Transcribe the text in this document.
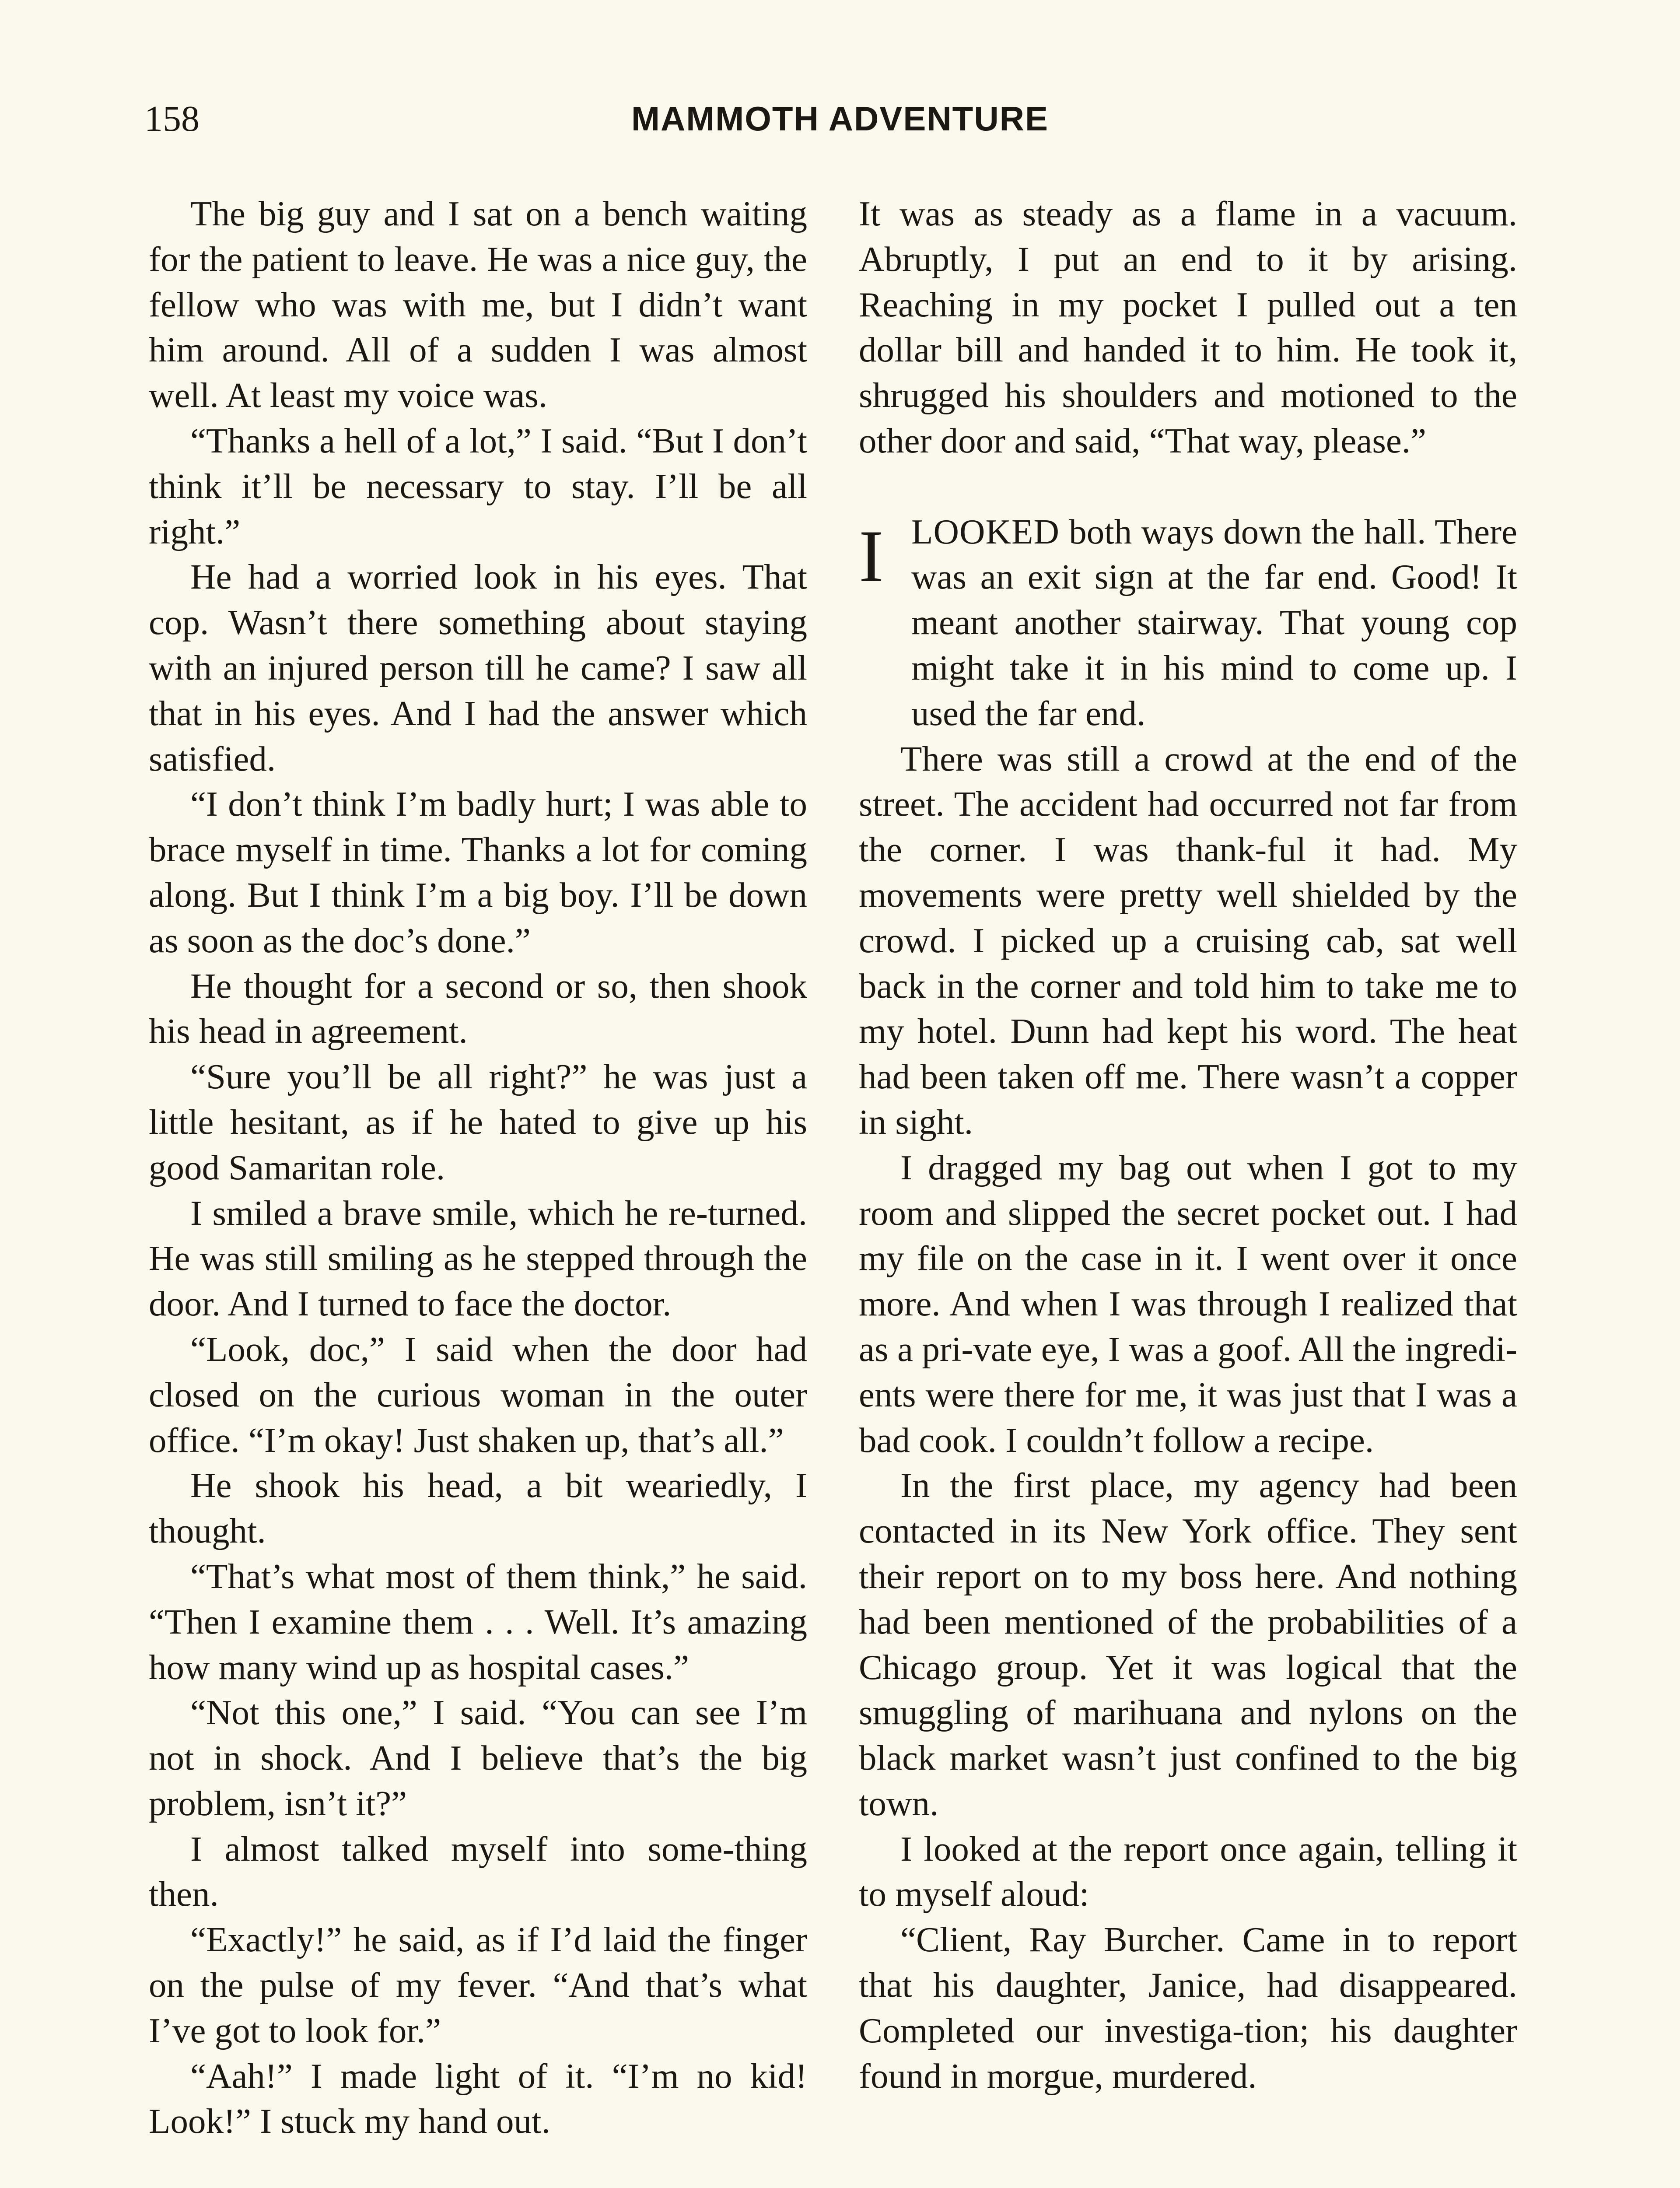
158	MAMMOTH ADVENTURE

The big guy and I sat on a bench waiting for the patient to leave. He was a nice guy, the fellow who was with me, but I didn’t want him around. All of a sudden I was almost well. At least my voice was.

“Thanks a hell of a lot,” I said. “But I don’t think it’ll be necessary to stay. I’ll be all right.”

He had a worried look in his eyes. That cop. Wasn’t there something about staying with an injured person till he came? I saw all that in his eyes. And I had the answer which satisfied.

“I don’t think I’m badly hurt; I was able to brace myself in time. Thanks a lot for coming along. But I think I’m a big boy. I’ll be down as soon as the doc’s done.”

He thought for a second or so, then shook his head in agreement.

“Sure you’ll be all right?” he was just a little hesitant, as if he hated to give up his good Samaritan role.

I smiled a brave smile, which he re-turned. He was still smiling as he stepped through the door. And I turned to face the doctor.

“Look, doc,” I said when the door had closed on the curious woman in the outer office. “I’m okay! Just shaken up, that’s all.”

He shook his head, a bit weariedly, I thought.

“That’s what most of them think,” he said. “Then I examine them . . . Well. It’s amazing how many wind up as hospital cases.”

“Not this one,” I said. “You can see I’m not in shock. And I believe that’s the big problem, isn’t it?”

I almost talked myself into some-thing then.

“Exactly!” he said, as if I’d laid the finger on the pulse of my fever. “And that’s what I’ve got to look for.”

“Aah!” I made light of it. “I’m no kid! Look!” I stuck my hand out.

It was as steady as a flame in a vacuum. Abruptly, I put an end to it by arising. Reaching in my pocket I pulled out a ten dollar bill and handed it to him. He took it, shrugged his shoulders and motioned to the other door and said, “That way, please.”

I LOOKED both ways down the hall. There was an exit sign at the far end. Good! It meant another stairway. That young cop might take it in his mind to come up. I used the far end.

There was still a crowd at the end of the street. The accident had occurred not far from the corner. I was thank-ful it had. My movements were pretty well shielded by the crowd. I picked up a cruising cab, sat well back in the corner and told him to take me to my hotel. Dunn had kept his word. The heat had been taken off me. There wasn’t a copper in sight.

I dragged my bag out when I got to my room and slipped the secret pocket out. I had my file on the case in it. I went over it once more. And when I was through I realized that as a pri-vate eye, I was a goof. All the ingredi-ents were there for me, it was just that I was a bad cook. I couldn’t follow a recipe.

In the first place, my agency had been contacted in its New York office. They sent their report on to my boss here. And nothing had been mentioned of the probabilities of a Chicago group. Yet it was logical that the smuggling of marihuana and nylons on the black market wasn’t just confined to the big town.

I looked at the report once again, telling it to myself aloud:

“Client, Ray Burcher. Came in to report that his daughter, Janice, had disappeared. Completed our investiga-tion; his daughter found in morgue, murdered.
